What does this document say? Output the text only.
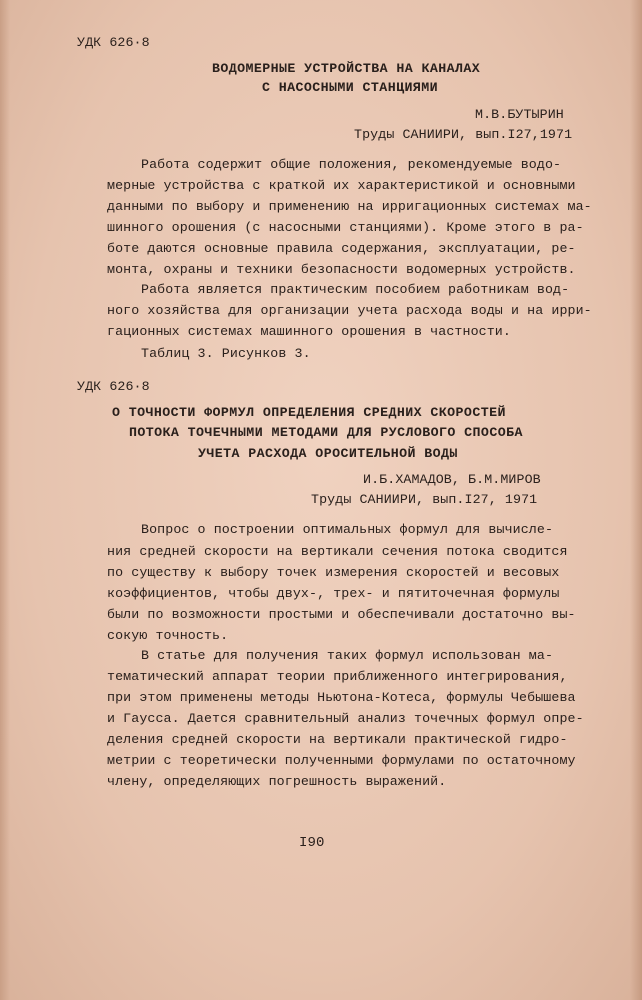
УДК 626·8
ВОДОМЕРНЫЕ УСТРОЙСТВА НА КАНАЛАХ
С НАСОСНЫМИ СТАНЦИЯМИ
М.В.БУТЫРИН
Труды САНИИРИ, вып.I27,1971
Работа содержит общие положения, рекомендуемые водо-
мерные устройства с краткой их характеристикой и основными
данными по выбору и применению на ирригационных системах ма-
шинного орошения (с насосными станциями). Кроме этого в ра-
боте даются основные правила содержания, эксплуатации, ре-
монта, охраны и техники безопасности водомерных устройств.
Работа является практическим пособием работникам вод-
ного хозяйства для организации учета расхода воды и на ирри-
гационных системах машинного орошения в частности.
Таблиц 3. Рисунков 3.
УДК 626·8
О ТОЧНОСТИ ФОРМУЛ ОПРЕДЕЛЕНИЯ СРЕДНИХ СКОРОСТЕЙ
ПОТОКА ТОЧЕЧНЫМИ МЕТОДАМИ ДЛЯ РУСЛОВОГО СПОСОБА
УЧЕТА РАСХОДА ОРОСИТЕЛЬНОЙ ВОДЫ
И.Б.ХАМАДОВ, Б.М.МИРОВ
Труды САНИИРИ, вып.I27, 1971
Вопрос о построении оптимальных формул для вычисле-
ния средней скорости на вертикали сечения потока сводится
по существу к выбору точек измерения скоростей и весовых
коэффициентов, чтобы двух-, трех- и пятиточечная формулы
были по возможности простыми и обеспечивали достаточно вы-
сокую точность.
В статье для получения таких формул использован ма-
тематический аппарат теории приближенного интегрирования,
при этом применены методы Ньютона-Котеса, формулы Чебышева
и Гаусса. Дается сравнительный анализ точечных формул опре-
деления средней скорости на вертикали практической гидро-
метрии с теоретически полученными формулами по остаточному
члену, определяющих погрешность выражений.
I90
